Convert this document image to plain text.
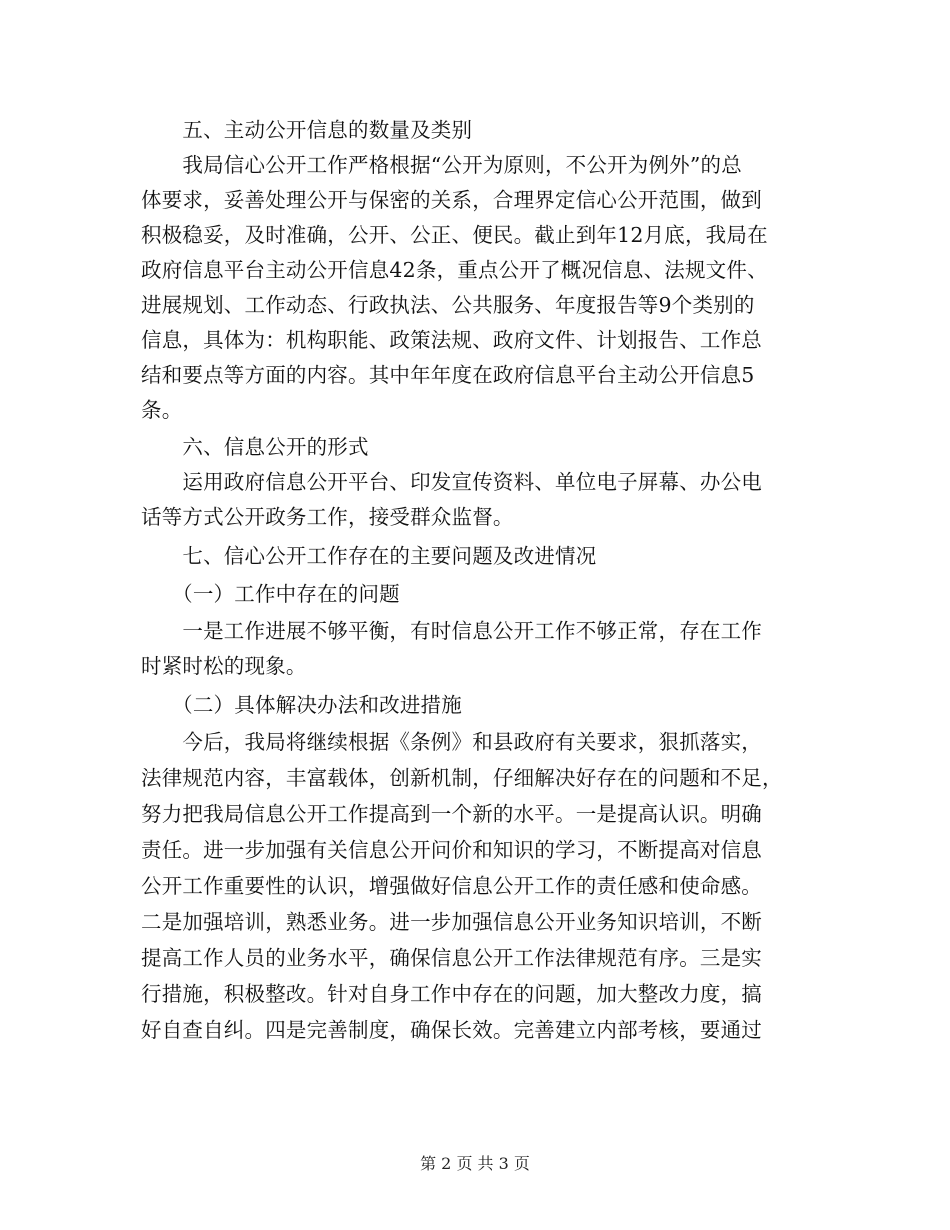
　　五、主动公开信息的数量及类别
　　我局信心公开工作严格根据“公开为原则，不公开为例外”的总
体要求，妥善处理公开与保密的关系，合理界定信心公开范围，做到
积极稳妥，及时准确，公开、公正、便民。截止到年12月底，我局在
政府信息平台主动公开信息42条，重点公开了概况信息、法规文件、
进展规划、工作动态、行政执法、公共服务、年度报告等9个类别的
信息，具体为：机构职能、政策法规、政府文件、计划报告、工作总
结和要点等方面的内容。其中年年度在政府信息平台主动公开信息5
条。
　　六、信息公开的形式
　　运用政府信息公开平台、印发宣传资料、单位电子屏幕、办公电
话等方式公开政务工作，接受群众监督。
　　七、信心公开工作存在的主要问题及改进情况
　　（一）工作中存在的问题
　　一是工作进展不够平衡，有时信息公开工作不够正常，存在工作
时紧时松的现象。
　　（二）具体解决办法和改进措施
　　今后，我局将继续根据《条例》和县政府有关要求，狠抓落实，
法律规范内容，丰富载体，创新机制，仔细解决好存在的问题和不足，
努力把我局信息公开工作提高到一个新的水平。一是提高认识。明确
责任。进一步加强有关信息公开问价和知识的学习，不断提高对信息
公开工作重要性的认识，增强做好信息公开工作的责任感和使命感。
二是加强培训，熟悉业务。进一步加强信息公开业务知识培训，不断
提高工作人员的业务水平，确保信息公开工作法律规范有序。三是实
行措施，积极整改。针对自身工作中存在的问题，加大整改力度，搞
好自查自纠。四是完善制度，确保长效。完善建立内部考核，要通过
第 2 页 共 3 页
